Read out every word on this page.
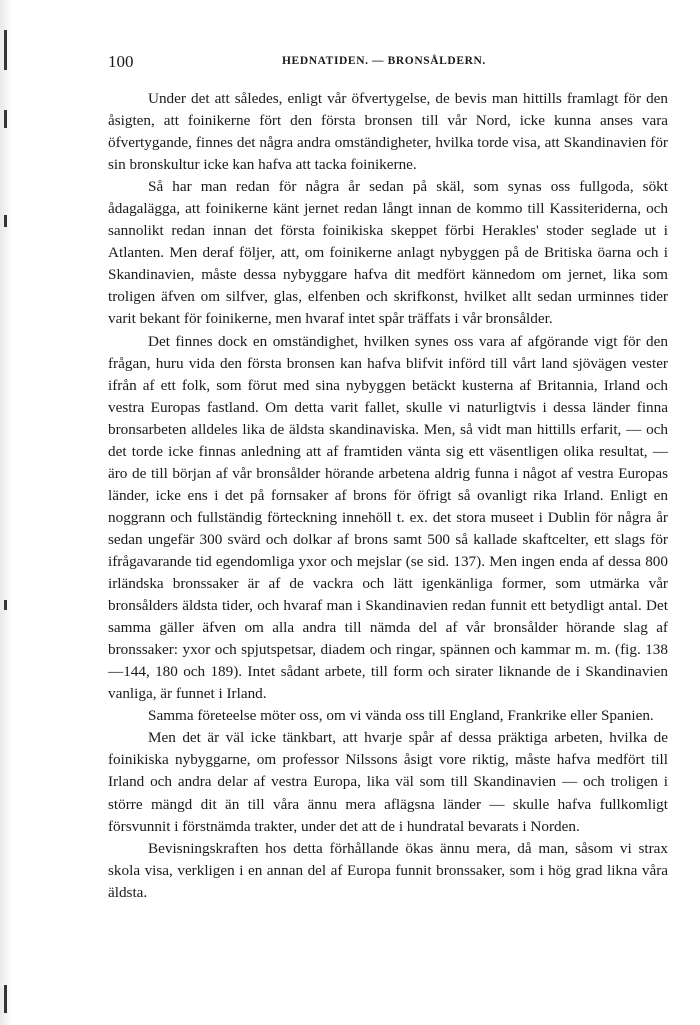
100	HEDNATIDEN. — BRONSÅLDERN.

Under det att således, enligt vår öfvertygelse, de bevis man hittills framlagt för den åsigten, att foinikerne fört den första bronsen till vår Nord, icke kunna anses vara öfvertygande, finnes det några andra omständigheter, hvilka torde visa, att Skandinavien för sin bronskultur icke kan hafva att tacka foinikerne.

Så har man redan för några år sedan på skäl, som synas oss fullgoda, sökt ådagalägga, att foinikerne känt jernet redan långt innan de kommo till Kassiteriderna, och sannolikt redan innan det första foinikiska skeppet förbi Herakles' stoder seglade ut i Atlanten. Men deraf följer, att, om foinikerne anlagt nybyggen på de Britiska öarna och i Skandinavien, måste dessa nybyggare hafva dit medfört kännedom om jernet, lika som troligen äfven om silfver, glas, elfenben och skrifkonst, hvilket allt sedan urminnes tider varit bekant för foinikerne, men hvaraf intet spår träffats i vår bronsålder.

Det finnes dock en omständighet, hvilken synes oss vara af afgörande vigt för den frågan, huru vida den första bronsen kan hafva blifvit införd till vårt land sjövägen vester ifrån af ett folk, som förut med sina nybyggen betäckt kusterna af Britannia, Irland och vestra Europas fastland. Om detta varit fallet, skulle vi naturligtvis i dessa länder finna bronsarbeten alldeles lika de äldsta skandinaviska. Men, så vidt man hittills erfarit, — och det torde icke finnas anledning att af framtiden vänta sig ett väsentligen olika resultat, — äro de till början af vår bronsålder hörande arbetena aldrig funna i något af vestra Europas länder, icke ens i det på fornsaker af brons för öfrigt så ovanligt rika Irland. Enligt en noggrann och fullständig förteckning innehöll t. ex. det stora museet i Dublin för några år sedan ungefär 300 svärd och dolkar af brons samt 500 så kallade skaftcelter, ett slags för ifrågavarande tid egendomliga yxor och mejslar (se sid. 137). Men ingen enda af dessa 800 irländska bronssaker är af de vackra och lätt igenkänliga former, som utmärka vår bronsålders äldsta tider, och hvaraf man i Skandinavien redan funnit ett betydligt antal. Det samma gäller äfven om alla andra till nämda del af vår bronsålder hörande slag af bronssaker: yxor och spjutspetsar, diadem och ringar, spännen och kammar m. m. (fig. 138—144, 180 och 189). Intet sådant arbete, till form och sirater liknande de i Skandinavien vanliga, är funnet i Irland.

Samma företeelse möter oss, om vi vända oss till England, Frankrike eller Spanien.

Men det är väl icke tänkbart, att hvarje spår af dessa präktiga arbeten, hvilka de foinikiska nybyggarne, om professor Nilssons åsigt vore riktig, måste hafva medfört till Irland och andra delar af vestra Europa, lika väl som till Skandinavien — och troligen i större mängd dit än till våra ännu mera aflägsna länder — skulle hafva fullkomligt försvunnit i förstnämda trakter, under det att de i hundratal bevarats i Norden.

Bevisningskraften hos detta förhållande ökas ännu mera, då man, såsom vi strax skola visa, verkligen i en annan del af Europa funnit bronssaker, som i hög grad likna våra äldsta.
